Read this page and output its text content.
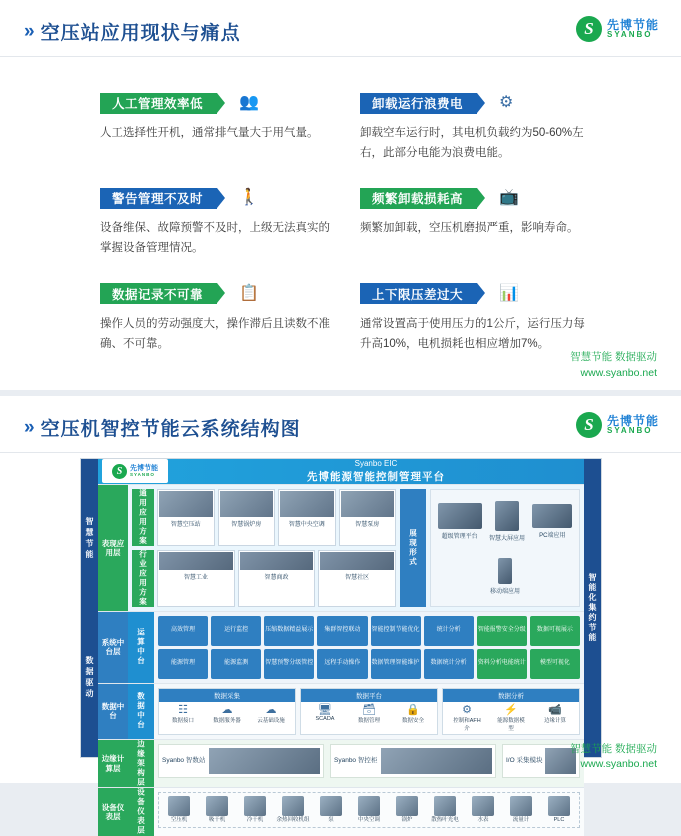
» 空压站应用现状与痛点	S	先博节能
SYANBO
人工管理效率低 👥
人工选择性开机，通常排气量大于用气量。
卸载运行浪费电 ⚙
卸载空车运行时，其电机负载约为50-60%左右，此部分电能为浪费电能。
警告管理不及时 🚶
设备维保、故障预警不及时，上级无法真实的掌握设备管理情况。
频繁卸载损耗高 📺
频繁加卸载，空压机磨损严重，影响寿命。
数据记录不可靠 📋
操作人员的劳动强度大，操作滞后且读数不准确、不可靠。
上下限压差过大 📊
通常设置高于使用压力的1公斤，运行压力每升高10%，电机损耗也相应增加7%。
智慧节能 数据驱动
www.syanbo.net
» 空压机智控节能云系统结构图	S	先博节能
SYANBO
智慧节能
数据驱动
S	先博节能
SYANBO
Syanbo EIC
先博能源智能控制管理平台
表现应用层
通用应用方案	智慧空压站	智慧锅炉房	智慧中央空调	智慧泵房
行业应用方案	智慧工业	智慧商政	智慧社区
展现形式	超级管理平台	智慧大屏应用	PC端应用
移动端应用
系统中台层	运算中台	高效管理	运行监控	压缩数据精益展示	集群智控联动	智能控制节能优化	统计分析	智能报警安全分级	数据可视展示
能源管理	能源监测	智慧预警分级管控	远程手动操作	数据管理智能维护	数据统计分析	资料分析电能统计	模型可视化
数据中台	数据中台	数据采集
☷
数据接口
☁
数据服务器
☁
云基础设施
数据平台
🖥
SCADA
🗃
数据管理
🔒
数据安全
数据分析
⚙
控制和AFH介
⚡
能源数据模型
📹
边缘计算
边缘计算层	边缘架构层	Syanbo 智数站	Syanbo 智控柜	I/O 采集模块
设备仪表层	设备仪表层	空压机	吸干机	冷干机	余热回收机组	泵	中央空调	锅炉	散热叶光电	水表	流量计	PLC
智能化集约节能
智慧节能 数据驱动
www.syanbo.net
